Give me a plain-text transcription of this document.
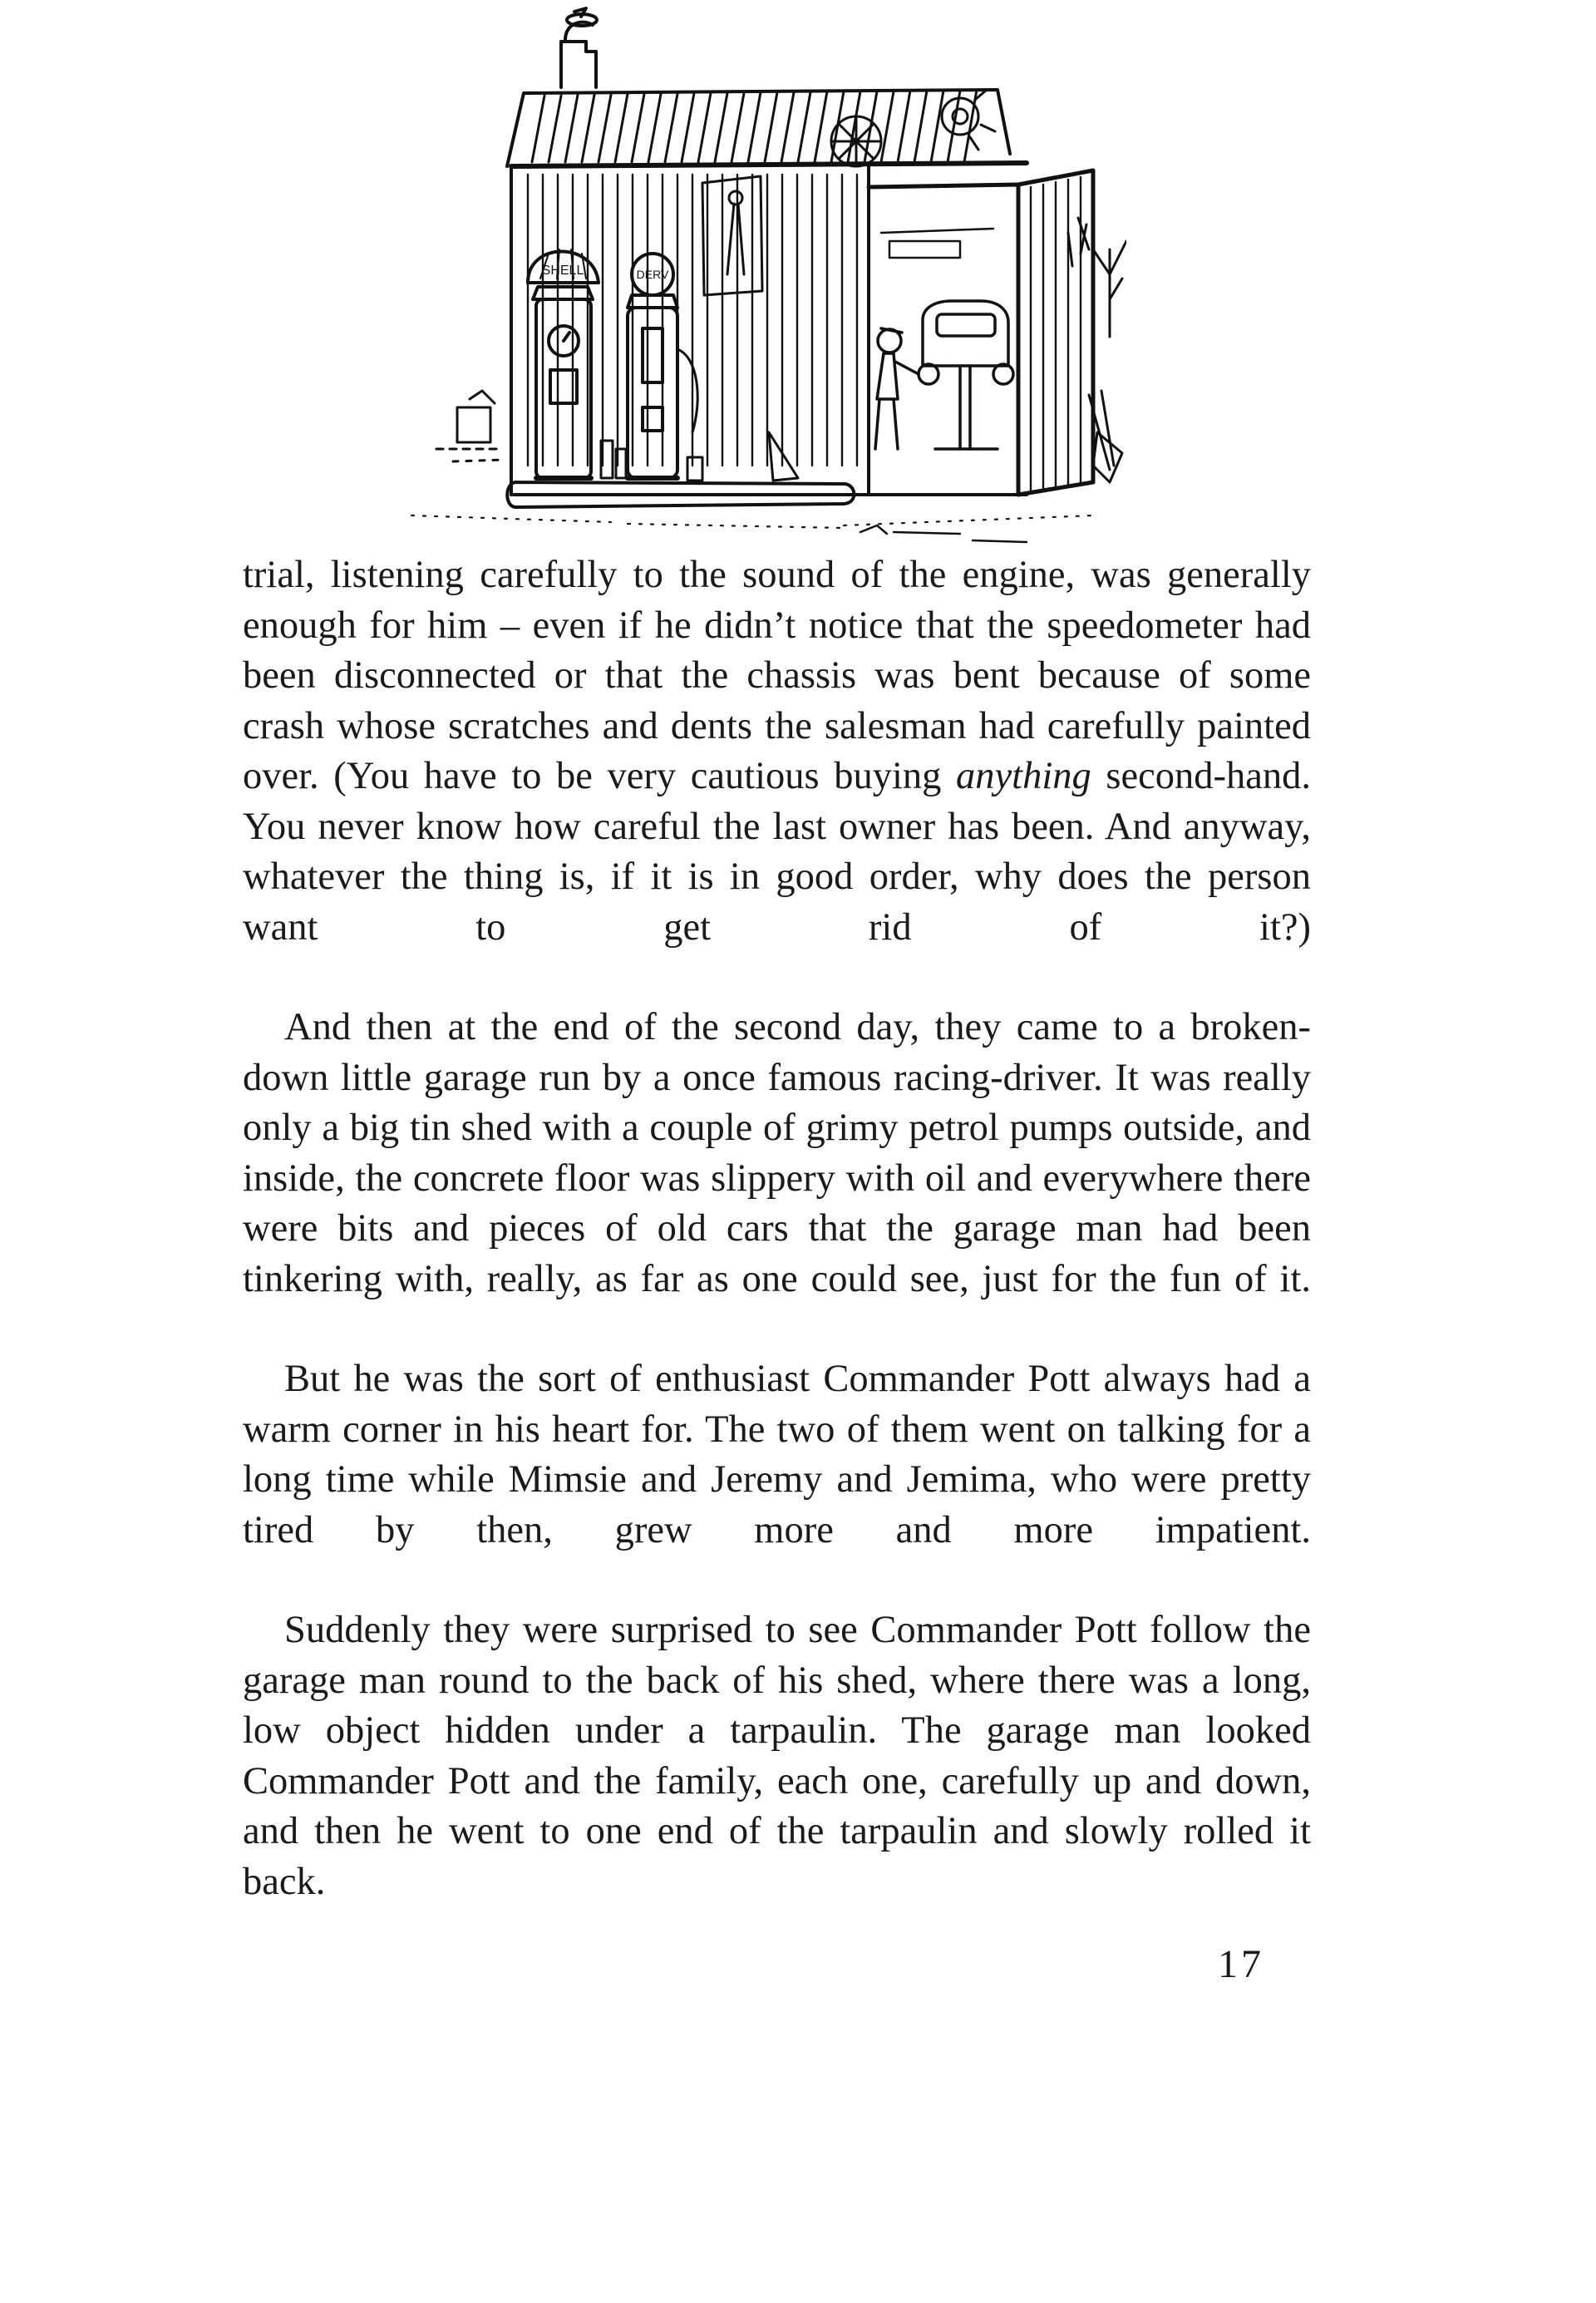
SHELL	DERV

trial, listening carefully to the sound of the engine, was generally enough for him – even if he didn’t notice that the speedometer had been disconnected or that the chassis was bent because of some crash whose scratches and dents the salesman had carefully painted over. (You have to be very cautious buying anything second-hand. You never know how careful the last owner has been. And anyway, whatever the thing is, if it is in good order, why does the person want to get rid of it?)

And then at the end of the second day, they came to a broken-down little garage run by a once famous racing-driver. It was really only a big tin shed with a couple of grimy petrol pumps outside, and inside, the concrete floor was slippery with oil and everywhere there were bits and pieces of old cars that the garage man had been tinkering with, really, as far as one could see, just for the fun of it.

But he was the sort of enthusiast Commander Pott always had a warm corner in his heart for. The two of them went on talking for a long time while Mimsie and Jeremy and Jemima, who were pretty tired by then, grew more and more impatient.

Suddenly they were surprised to see Commander Pott follow the garage man round to the back of his shed, where there was a long, low object hidden under a tarpaulin. The garage man looked Commander Pott and the family, each one, carefully up and down, and then he went to one end of the tarpaulin and slowly rolled it back.

17
